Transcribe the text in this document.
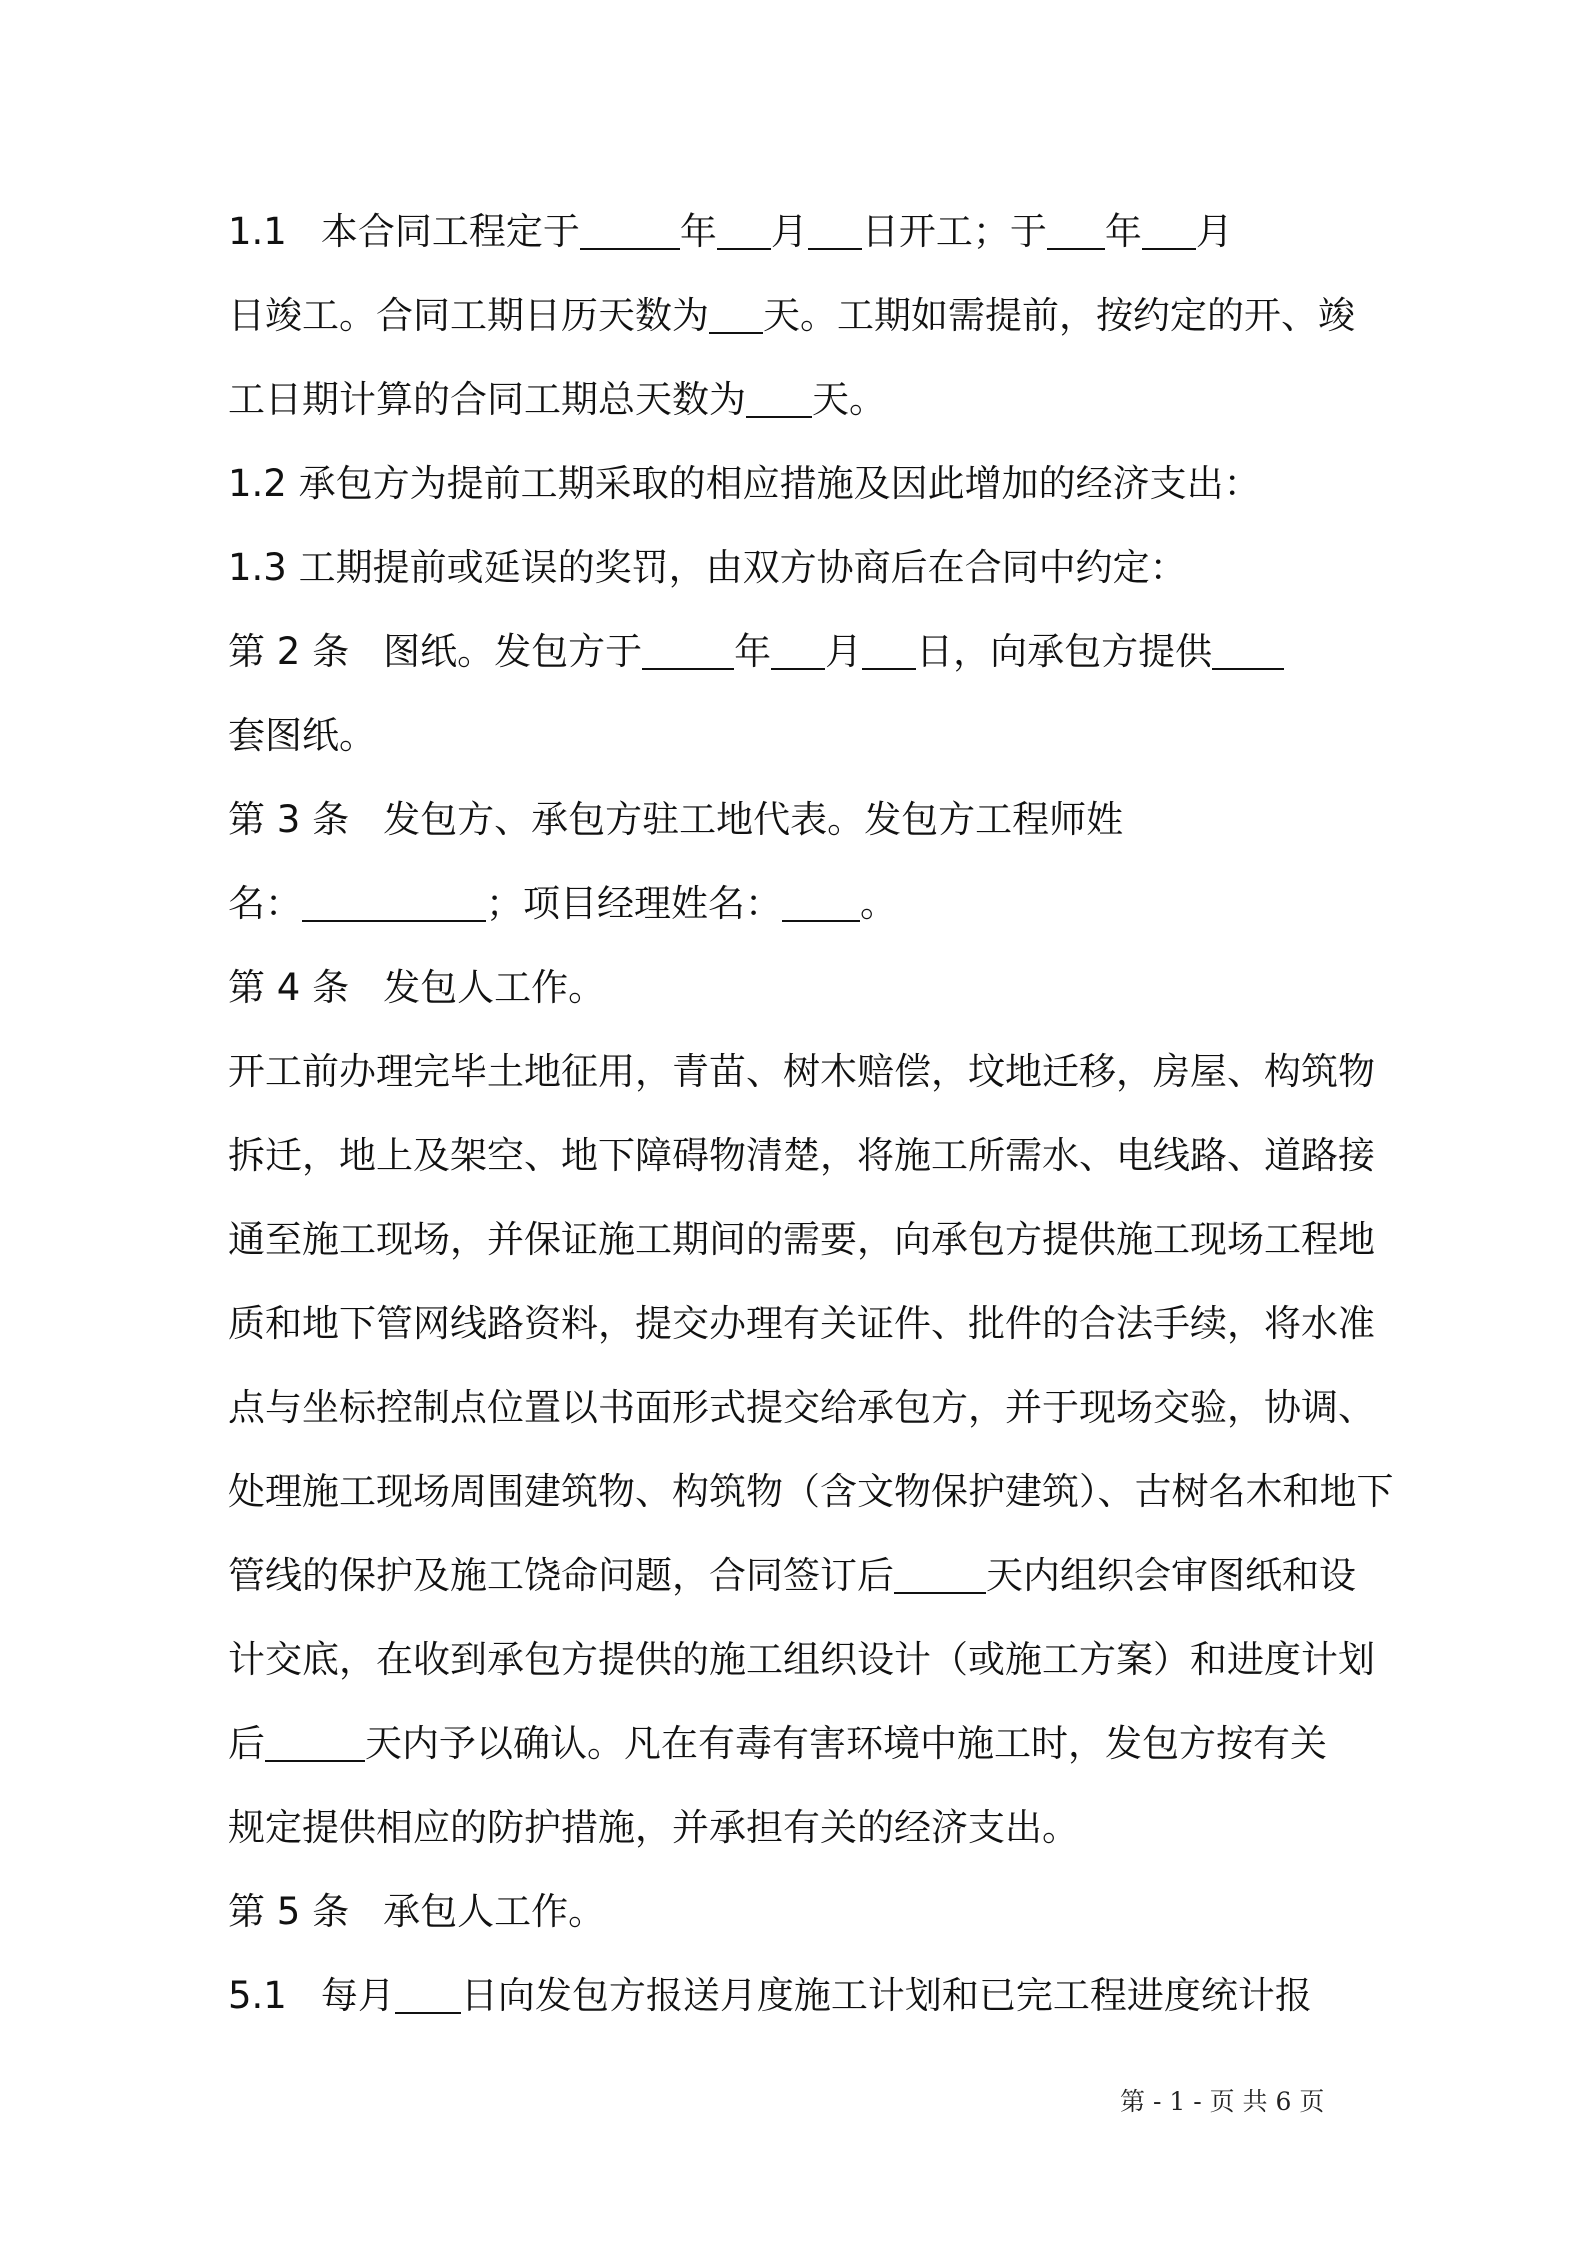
1.1 本合同工程定于	年 月 日开工；于 年 月
日竣工。合同工期日历天数为 天。工期如需提前，按约定的开、竣
工日期计算的合同工期总天数为 天。
1.2 承包方为提前工期采取的相应措施及因此增加的经济支出：
1.3 工期提前或延误的奖罚，由双方协商后在合同中约定：
第 2 条 图纸。发包方于 年 月 日，向承包方提供
套图纸。
第 3 条 发包方、承包方驻工地代表。发包方工程师姓
名：	；项目经理姓名： 。
第 4 条 发包人工作。
开工前办理完毕土地征用，青苗、树木赔偿，坟地迁移，房屋、构筑物
拆迁，地上及架空、地下障碍物清楚，将施工所需水、电线路、道路接
通至施工现场，并保证施工期间的需要，向承包方提供施工现场工程地
质和地下管网线路资料，提交办理有关证件、批件的合法手续，将水准
点与坐标控制点位置以书面形式提交给承包方，并于现场交验，协调、
处理施工现场周围建筑物、构筑物（含文物保护建筑）、古树名木和地下
管线的保护及施工饶命问题，合同签订后 天内组织会审图纸和设
计交底，在收到承包方提供的施工组织设计（或施工方案）和进度计划
后	天内予以确认。凡在有毒有害环境中施工时，发包方按有关
规定提供相应的防护措施，并承担有关的经济支出。
第 5 条 承包人工作。
5.1 每月 日向发包方报送月度施工计划和已完工程进度统计报
第 - 1 - 页 共 6 页
